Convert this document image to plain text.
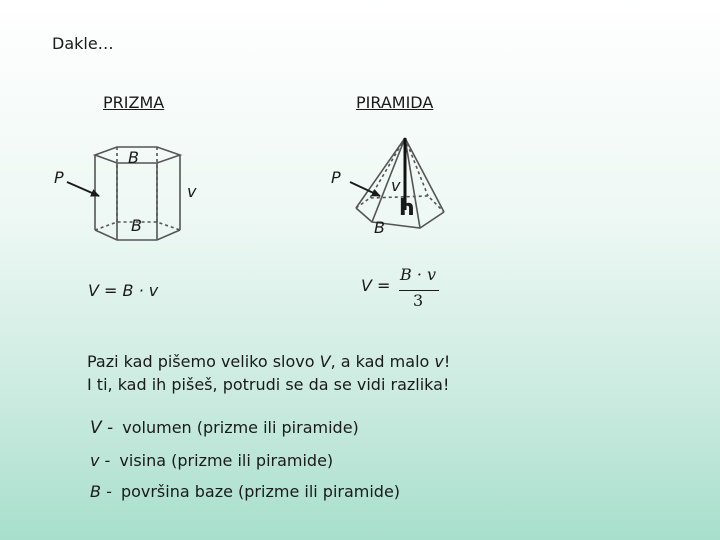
Dakle…
PRIZMA	PIRAMIDA
P
B
v
B
P	v
B
h
V = B · v	V =
B · v
3
Pazi kad pišemo veliko slovo V, a kad malo v!
I ti, kad ih pišeš, potrudi se da se vidi razlika!
V - volumen (prizme ili piramide)
v - visina (prizme ili piramide)
B - površina baze (prizme ili piramide)
